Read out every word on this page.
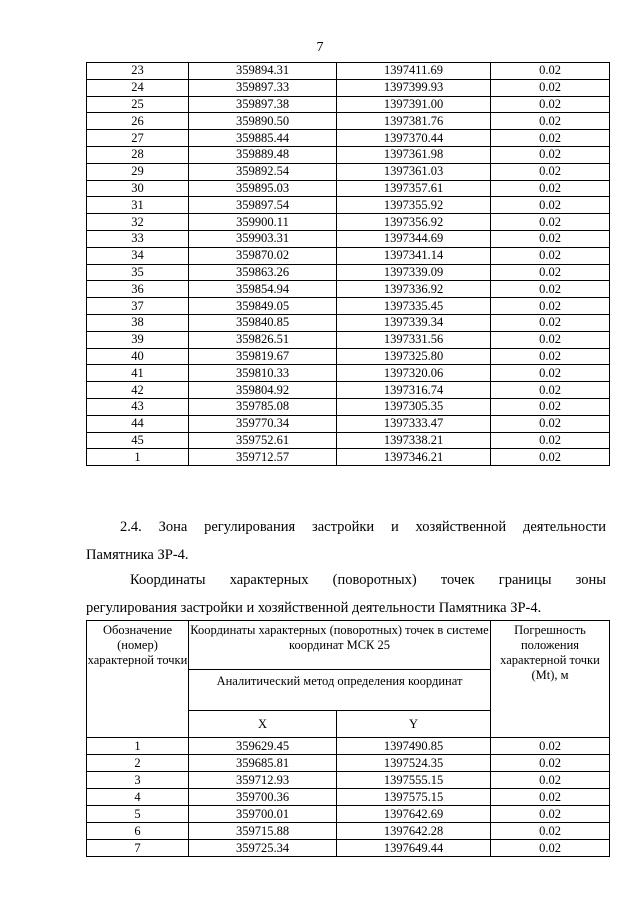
7
23	359894.31	1397411.69	0.02
24	359897.33	1397399.93	0.02
25	359897.38	1397391.00	0.02
26	359890.50	1397381.76	0.02
27	359885.44	1397370.44	0.02
28	359889.48	1397361.98	0.02
29	359892.54	1397361.03	0.02
30	359895.03	1397357.61	0.02
31	359897.54	1397355.92	0.02
32	359900.11	1397356.92	0.02
33	359903.31	1397344.69	0.02
34	359870.02	1397341.14	0.02
35	359863.26	1397339.09	0.02
36	359854.94	1397336.92	0.02
37	359849.05	1397335.45	0.02
38	359840.85	1397339.34	0.02
39	359826.51	1397331.56	0.02
40	359819.67	1397325.80	0.02
41	359810.33	1397320.06	0.02
42	359804.92	1397316.74	0.02
43	359785.08	1397305.35	0.02
44	359770.34	1397333.47	0.02
45	359752.61	1397338.21	0.02
1	359712.57	1397346.21	0.02
2.4. Зона регулирования застройки и хозяйственной деятельности
Памятника ЗР-4.
Координаты характерных (поворотных) точек границы зоны
регулирования застройки и хозяйственной деятельности Памятника ЗР-4.
Обозначение (номер) характерной точки	Координаты характерных (поворотных) точек в системе координат МСК 25		Погрешность положения характерной точки (Mt), м
	Аналитический метод определения координат		
	X	Y	
1	359629.45	1397490.85	0.02
2	359685.81	1397524.35	0.02
3	359712.93	1397555.15	0.02
4	359700.36	1397575.15	0.02
5	359700.01	1397642.69	0.02
6	359715.88	1397642.28	0.02
7	359725.34	1397649.44	0.02
